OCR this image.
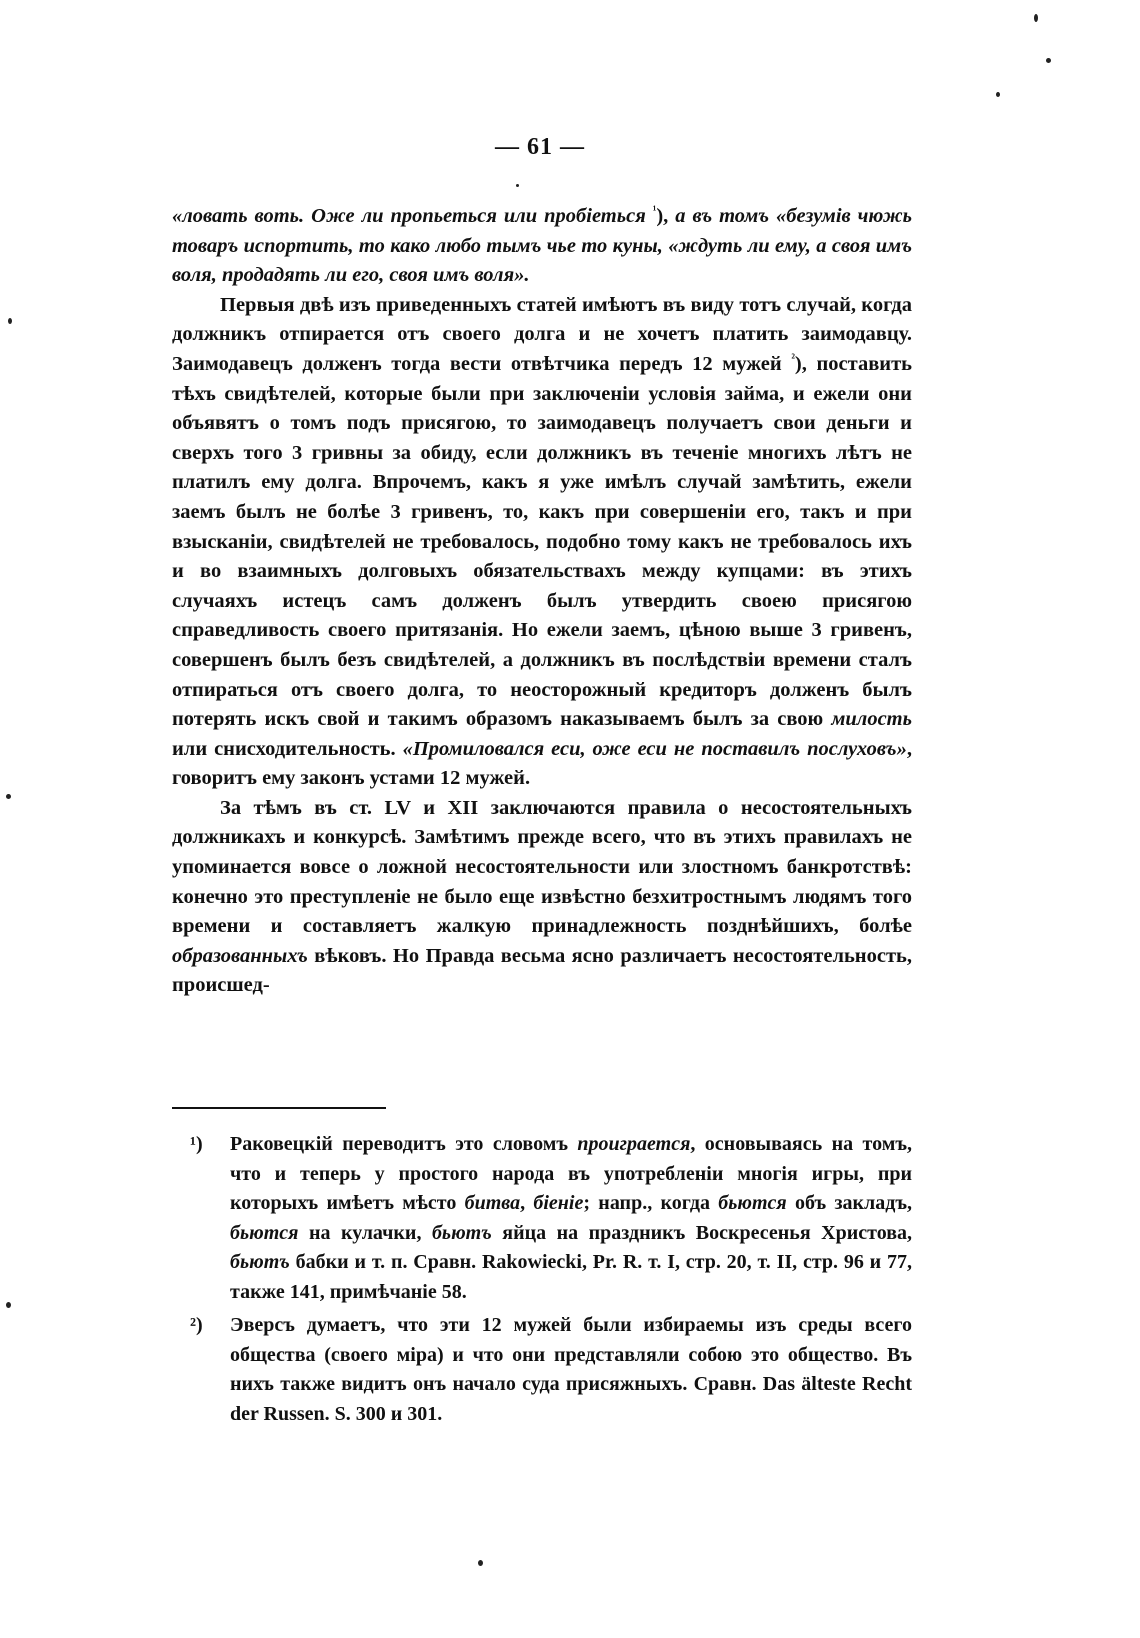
— 61 —

«ловать воть. Оже ли пропьеться или пробіеться $^{^1}$), а въ томъ «безумів чюжь товаръ испортить, то како любо тымъ чье то куны, «ждуть ли ему, а своя имъ воля, продадять ли его, своя имъ воля».

Первыя двѣ изъ приведенныхъ статей имѣютъ въ виду тотъ случай, когда должникъ отпирается отъ своего долга и не хочетъ платить заимодавцу. Заимодавецъ долженъ тогда вести отвѣтчика передъ 12 мужей $^{^2}$), поставить тѣхъ свидѣтелей, которые были при заключеніи условія займа, и ежели они объявятъ о томъ подъ присягою, то заимодавецъ получаетъ свои деньги и сверхъ того 3 гривны за обиду, если должникъ въ теченіе многихъ лѣтъ не платилъ ему долга. Впрочемъ, какъ я уже имѣлъ случай замѣтить, ежели заемъ былъ не болѣе 3 гривенъ, то, какъ при совершеніи его, такъ и при взысканіи, свидѣтелей не требовалось, подобно тому какъ не требовалось ихъ и во взаимныхъ долговыхъ обязательствахъ между купцами: въ этихъ случаяхъ истецъ самъ долженъ былъ утвердить своею присягою справедливость своего притязанія. Но ежели заемъ, цѣною выше 3 гривенъ, совершенъ былъ безъ свидѣтелей, а должникъ въ послѣдствіи времени сталъ отпираться отъ своего долга, то неосторожный кредиторъ долженъ былъ потерять искъ свой и такимъ образомъ наказываемъ былъ за свою милость или снисходительность. «Промиловался еси, оже еси не поставилъ послуховъ», говоритъ ему законъ устами 12 мужей.

За тѣмъ въ ст. LV и XII заключаются правила о несостоятельныхъ должникахъ и конкурсѣ. Замѣтимъ прежде всего, что въ этихъ правилахъ не упоминается вовсе о ложной несостоятельности или злостномъ банкротствѣ: конечно это преступленіе не было еще извѣстно безхитростнымъ людямъ того времени и составляетъ жалкую принадлежность позднѣйшихъ, болѣе образованныхъ вѣковъ. Но Правда весьма ясно различаетъ несостоятельность, происшед-

¹)	Раковецкій переводитъ это словомъ проиграется, основываясь на томъ, что и теперь у простого народа въ употребленіи многія игры, при которыхъ имѣетъ мѣсто битва, біеніе; напр., когда бьются объ закладъ, бьются на кулачки, бьютъ яйца на праздникъ Воскресенья Христова, бьютъ бабки и т. п. Сравн. Rakowiecki, Pr. R. т. I, стр. 20, т. II, стр. 96 и 77, также 141, примѣчаніе 58.
²)	Эверсъ думаетъ, что эти 12 мужей были избираемы изъ среды всего общества (своего міра) и что они представляли собою это общество. Въ нихъ также видитъ онъ начало суда присяжныхъ. Сравн. Das älteste Recht der Russen. S. 300 и 301.
